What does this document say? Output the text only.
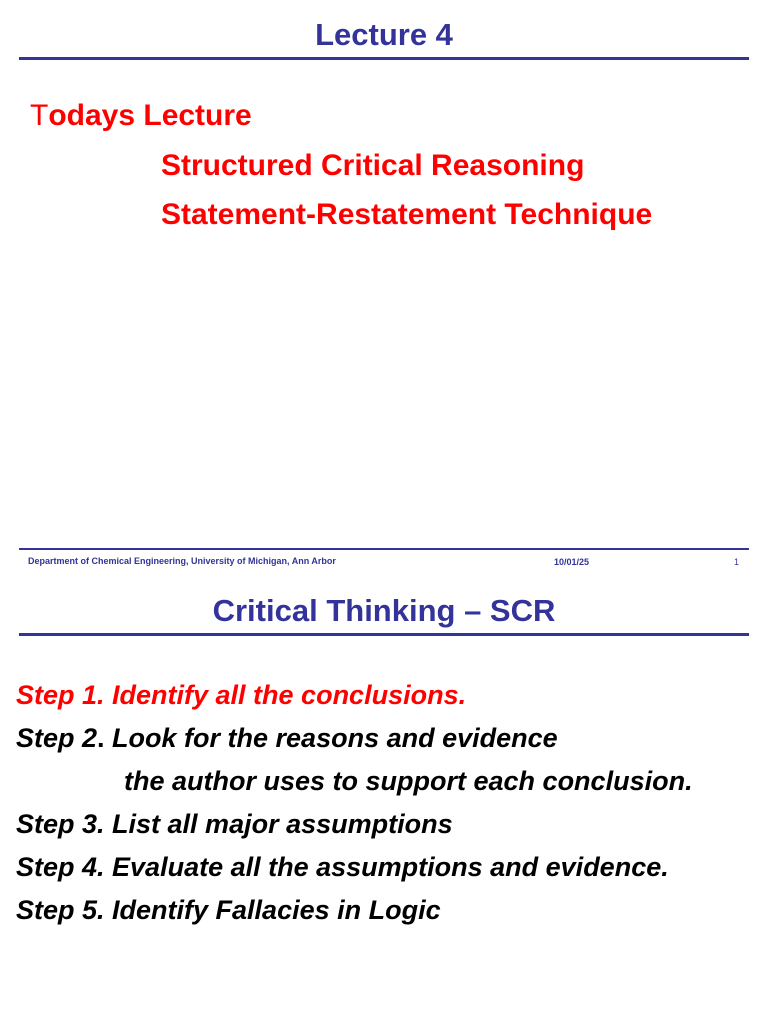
Lecture 4
Todays Lecture
Structured Critical Reasoning
Statement-Restatement Technique
Department of Chemical Engineering, University of Michigan, Ann Arbor	10/01/25	1
Critical Thinking – SCR
Step 1. Identify all the conclusions.
Step 2. Look for the reasons and evidence
the author uses to support each conclusion.
Step 3. List all major assumptions
Step 4. Evaluate all the assumptions and evidence.
Step 5. Identify Fallacies in Logic
